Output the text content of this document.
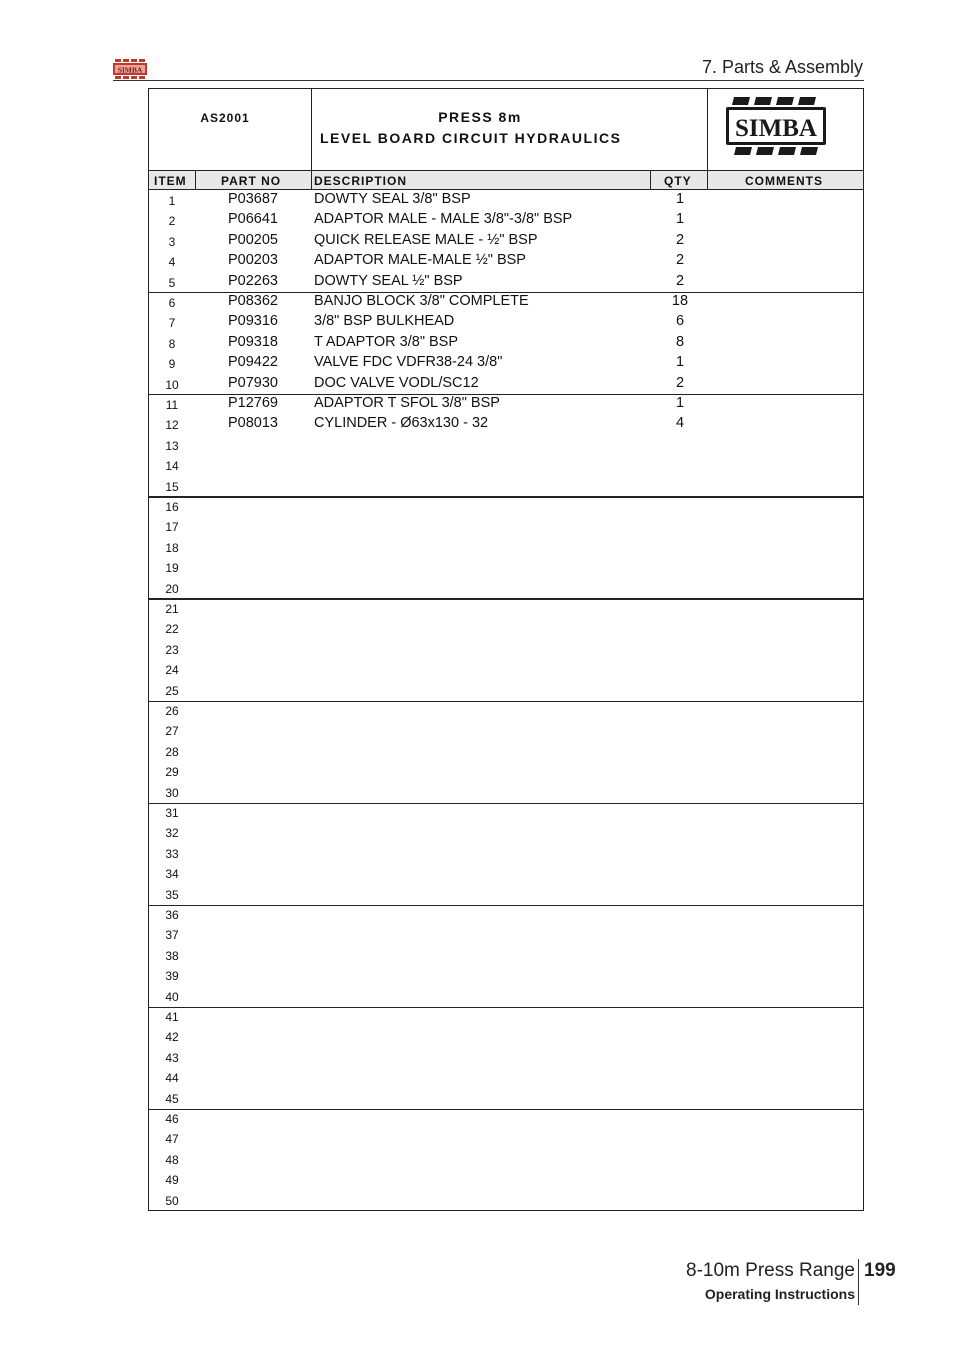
SIMBA	7. Parts & Assembly
AS2001	PRESS 8m
LEVEL BOARD CIRCUIT HYDRAULICS	SIMBA
ITEM	PART NO	DESCRIPTION	QTY	COMMENTS
1	P03687 DOWTY SEAL 3/8" BSP	1
2	P06641 ADAPTOR MALE - MALE 3/8"-3/8" BSP	1
3	P00205 QUICK RELEASE MALE - ½" BSP	2
4	P00203 ADAPTOR MALE-MALE ½" BSP	2
5	P02263 DOWTY SEAL ½" BSP	2
6	P08362 BANJO BLOCK 3/8" COMPLETE	18
7	P09316 3/8" BSP BULKHEAD	6
8	P09318 T ADAPTOR 3/8" BSP	8
9	P09422 VALVE FDC VDFR38-24 3/8"	1
10	P07930 DOC VALVE VODL/SC12	2
11	P12769 ADAPTOR T SFOL 3/8" BSP	1
12	P08013 CYLINDER - Ø63x130 - 32	4
13
14
15
16
17
18
19
20
21
22
23
24
25
26
27
28
29
30
31
32
33
34
35
36
37
38
39
40
41
42
43
44
45
46
47
48
49
50
8-10m Press Range
Operating Instructions
199
